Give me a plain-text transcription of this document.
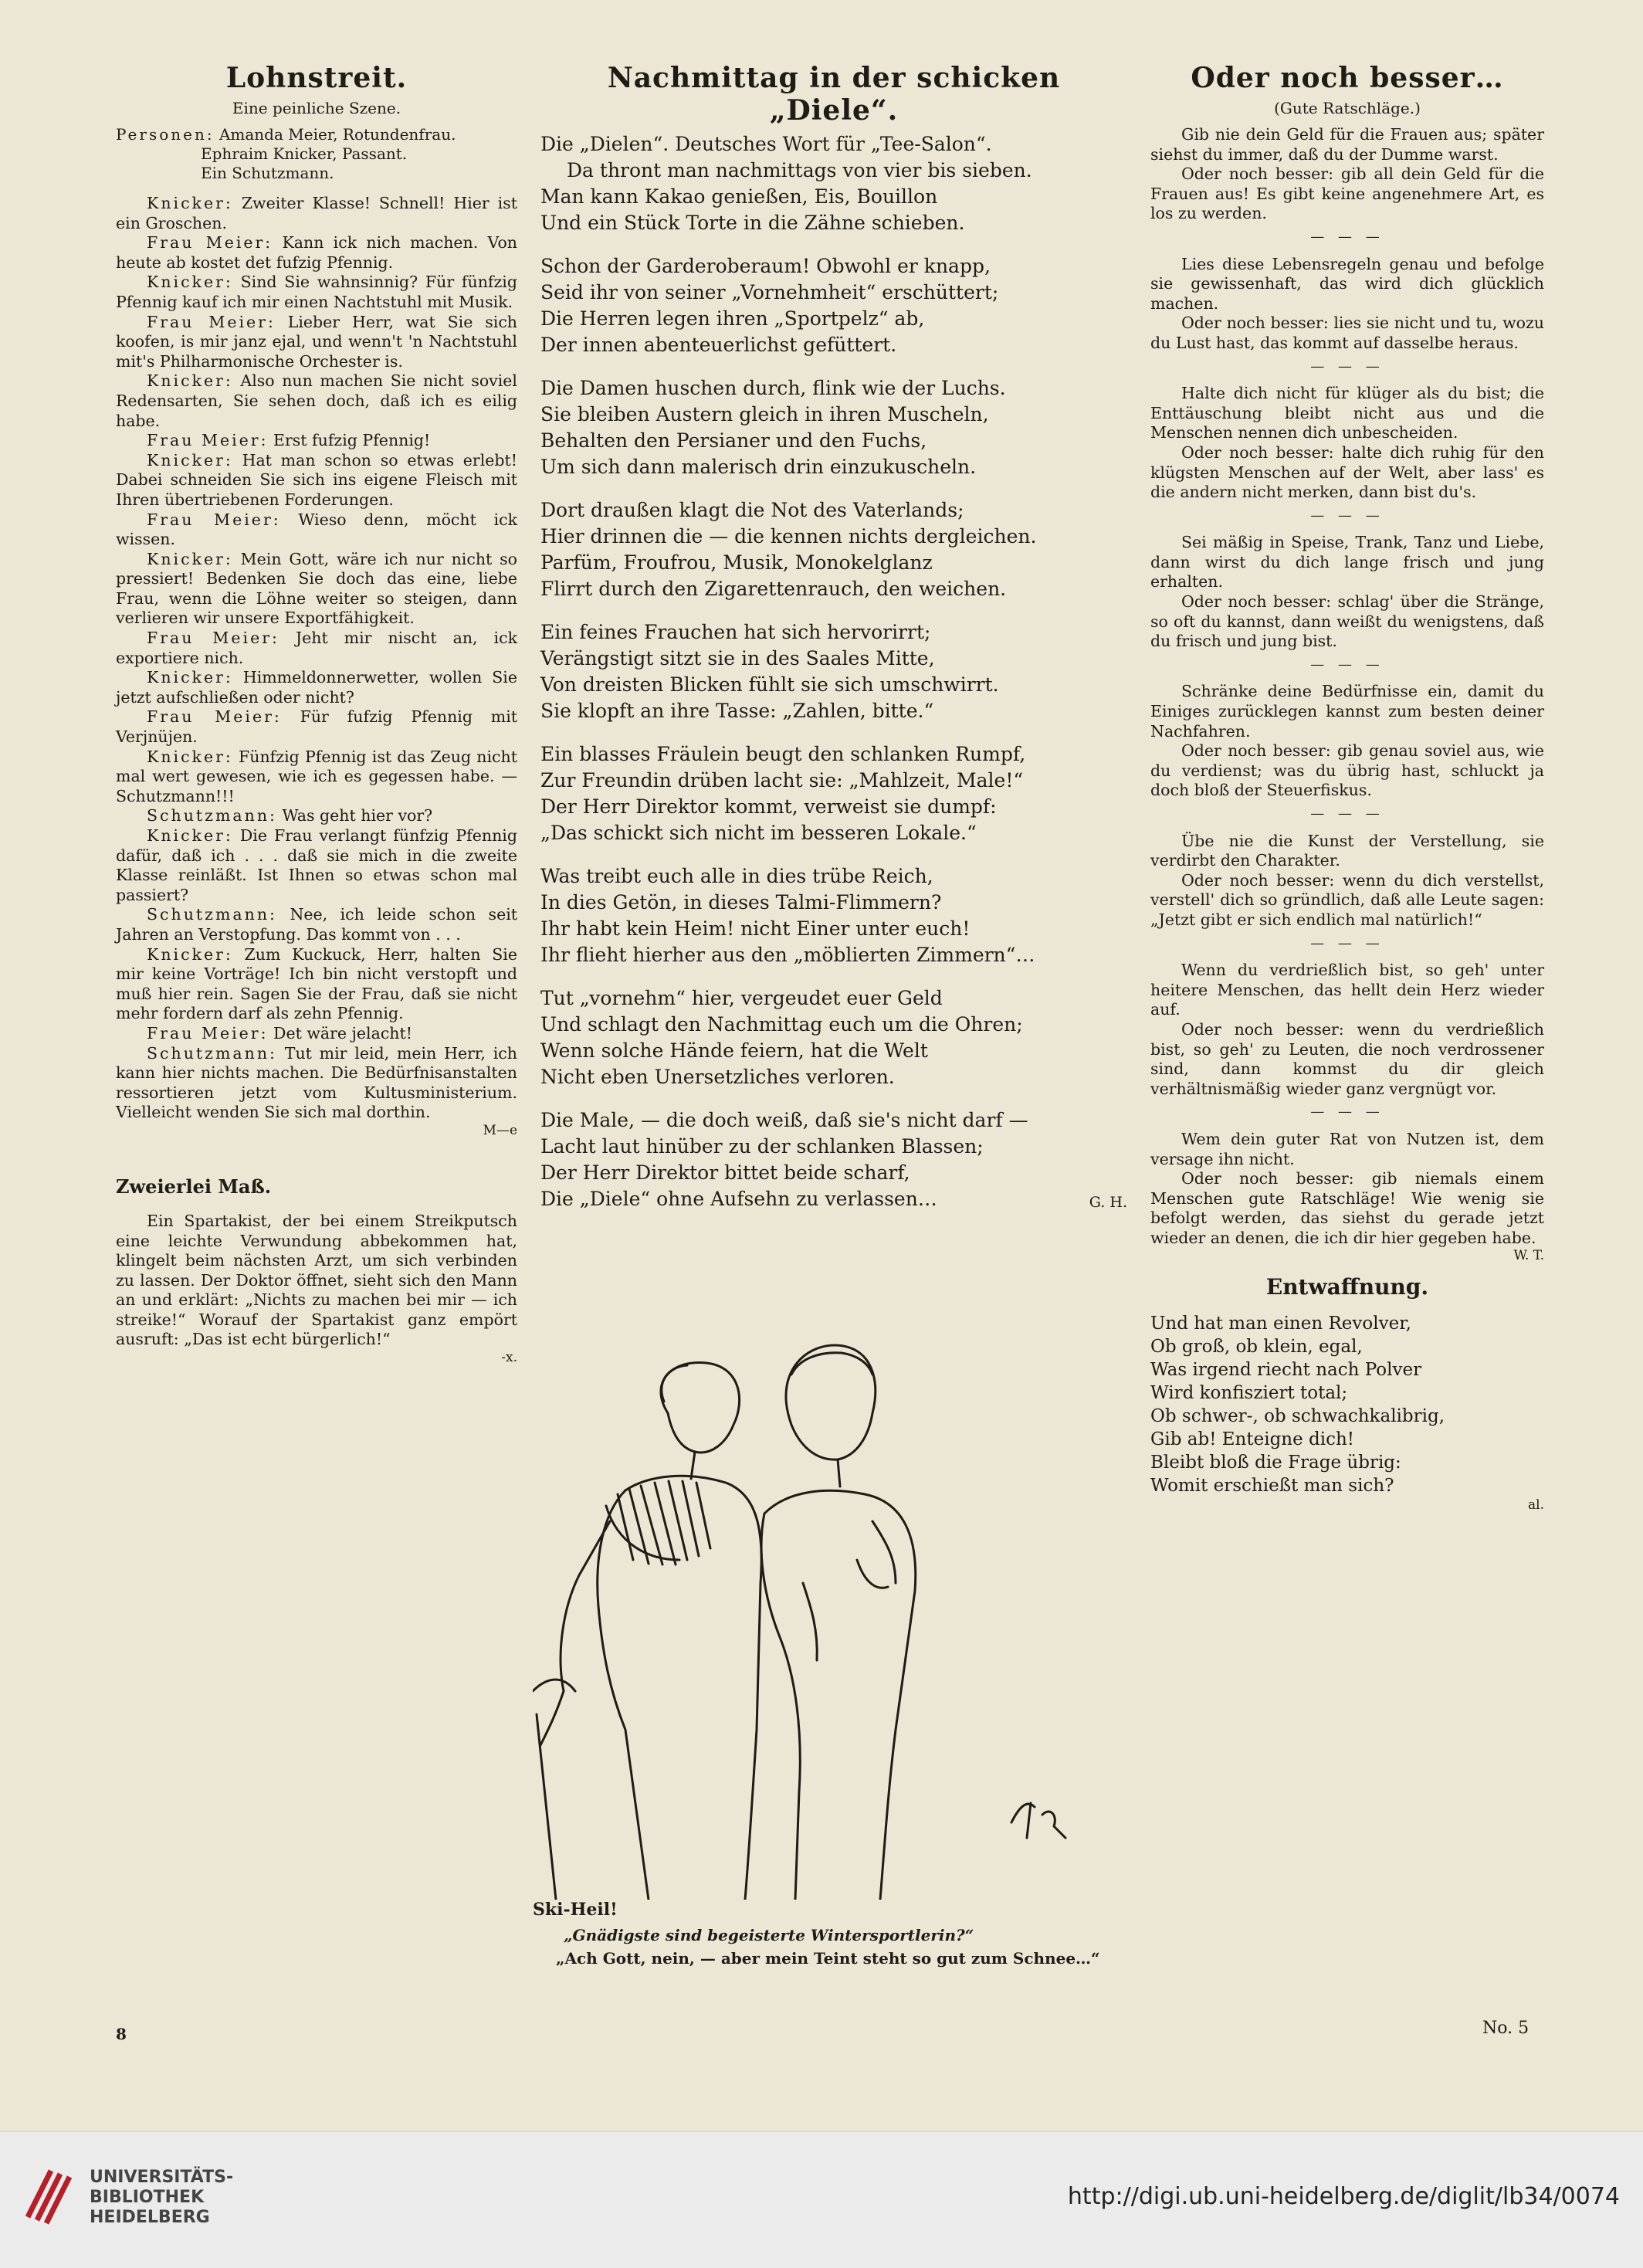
Lohnstreit.

Eine peinliche Szene.

Personen: Amanda Meier, Rotundenfrau.

Ephraim Knicker, Passant.

Ein Schutzmann.

Knicker: Zweiter Klasse! Schnell! Hier ist ein Groschen.

Frau Meier: Kann ick nich machen. Von heute ab kostet det fufzig Pfennig.

Knicker: Sind Sie wahnsinnig? Für fünfzig Pfennig kauf ich mir einen Nachtstuhl mit Musik.

Frau Meier: Lieber Herr, wat Sie sich koofen, is mir janz ejal, und wenn't 'n Nachtstuhl mit's Philharmonische Orchester is.

Knicker: Also nun machen Sie nicht soviel Redensarten, Sie sehen doch, daß ich es eilig habe.

Frau Meier: Erst fufzig Pfennig!

Knicker: Hat man schon so etwas erlebt! Dabei schneiden Sie sich ins eigene Fleisch mit Ihren übertriebenen Forderungen.

Frau Meier: Wieso denn, möcht ick wissen.

Knicker: Mein Gott, wäre ich nur nicht so pressiert! Bedenken Sie doch das eine, liebe Frau, wenn die Löhne weiter so steigen, dann verlieren wir unsere Exportfähigkeit.

Frau Meier: Jeht mir nischt an, ick exportiere nich.

Knicker: Himmeldonnerwetter, wollen Sie jetzt aufschließen oder nicht?

Frau Meier: Für fufzig Pfennig mit Verjnüjen.

Knicker: Fünfzig Pfennig ist das Zeug nicht mal wert gewesen, wie ich es gegessen habe. — Schutzmann!!!

Schutzmann: Was geht hier vor?

Knicker: Die Frau verlangt fünfzig Pfennig dafür, daß ich . . . daß sie mich in die zweite Klasse reinläßt. Ist Ihnen so etwas schon mal passiert?

Schutzmann: Nee, ich leide schon seit Jahren an Verstopfung. Das kommt von . . .

Knicker: Zum Kuckuck, Herr, halten Sie mir keine Vorträge! Ich bin nicht verstopft und muß hier rein. Sagen Sie der Frau, daß sie nicht mehr fordern darf als zehn Pfennig.

Frau Meier: Det wäre jelacht!

Schutzmann: Tut mir leid, mein Herr, ich kann hier nichts machen. Die Bedürfnisanstalten ressortieren jetzt vom Kultusministerium. Vielleicht wenden Sie sich mal dorthin.

M—e

Zweierlei Maß.

Ein Spartakist, der bei einem Streikputsch eine leichte Verwundung abbekommen hat, klingelt beim nächsten Arzt, um sich verbinden zu lassen. Der Doktor öffnet, sieht sich den Mann an und erklärt: „Nichts zu machen bei mir — ich streike!“ Worauf der Spartakist ganz empört ausruft: „Das ist echt bürgerlich!“

-x.

Nachmittag in der schicken „Diele“.

Die „Dielen“. Deutsches Wort für „Tee-Salon“.

Da thront man nachmittags von vier bis sieben.

Man kann Kakao genießen, Eis, Bouillon

Und ein Stück Torte in die Zähne schieben.

Schon der Garderoberaum! Obwohl er knapp,

Seid ihr von seiner „Vornehmheit“ erschüttert;

Die Herren legen ihren „Sportpelz“ ab,

Der innen abenteuerlichst gefüttert.

Die Damen huschen durch, flink wie der Luchs.

Sie bleiben Austern gleich in ihren Muscheln,

Behalten den Persianer und den Fuchs,

Um sich dann malerisch drin einzukuscheln.

Dort draußen klagt die Not des Vaterlands;

Hier drinnen die — die kennen nichts dergleichen.

Parfüm, Froufrou, Musik, Monokelglanz

Flirrt durch den Zigarettenrauch, den weichen.

Ein feines Frauchen hat sich hervorirrt;

Verängstigt sitzt sie in des Saales Mitte,

Von dreisten Blicken fühlt sie sich umschwirrt.

Sie klopft an ihre Tasse: „Zahlen, bitte.“

Ein blasses Fräulein beugt den schlanken Rumpf,

Zur Freundin drüben lacht sie: „Mahlzeit, Male!“

Der Herr Direktor kommt, verweist sie dumpf:

„Das schickt sich nicht im besseren Lokale.“

Was treibt euch alle in dies trübe Reich,

In dies Getön, in dieses Talmi-Flimmern?

Ihr habt kein Heim! nicht Einer unter euch!

Ihr flieht hierher aus den „möblierten Zimmern“…

Tut „vornehm“ hier, vergeudet euer Geld

Und schlagt den Nachmittag euch um die Ohren;

Wenn solche Hände feiern, hat die Welt

Nicht eben Unersetzliches verloren.

Die Male, — die doch weiß, daß sie's nicht darf —

Lacht laut hinüber zu der schlanken Blassen;

Der Herr Direktor bittet beide scharf,

Die „Diele“ ohne Aufsehn zu verlassen…	G. H.

Ski-Heil!

„Gnädigste sind begeisterte Wintersportlerin?“

„Ach Gott, nein, — aber mein Teint steht so gut zum Schnee…“

Oder noch besser…

(Gute Ratschläge.)

Gib nie dein Geld für die Frauen aus; später siehst du immer, daß du der Dumme warst.

Oder noch besser: gib all dein Geld für die Frauen aus! Es gibt keine angenehmere Art, es los zu werden.

— — —

Lies diese Lebensregeln genau und befolge sie gewissenhaft, das wird dich glücklich machen.

Oder noch besser: lies sie nicht und tu, wozu du Lust hast, das kommt auf dasselbe heraus.

— — —

Halte dich nicht für klüger als du bist; die Enttäuschung bleibt nicht aus und die Menschen nennen dich unbescheiden.

Oder noch besser: halte dich ruhig für den klügsten Menschen auf der Welt, aber lass' es die andern nicht merken, dann bist du's.

— — —

Sei mäßig in Speise, Trank, Tanz und Liebe, dann wirst du dich lange frisch und jung erhalten.

Oder noch besser: schlag' über die Stränge, so oft du kannst, dann weißt du wenigstens, daß du frisch und jung bist.

— — —

Schränke deine Bedürfnisse ein, damit du Einiges zurücklegen kannst zum besten deiner Nachfahren.

Oder noch besser: gib genau soviel aus, wie du verdienst; was du übrig hast, schluckt ja doch bloß der Steuerfiskus.

— — —

Übe nie die Kunst der Verstellung, sie verdirbt den Charakter.

Oder noch besser: wenn du dich verstellst, verstell' dich so gründlich, daß alle Leute sagen: „Jetzt gibt er sich endlich mal natürlich!“

— — —

Wenn du verdrießlich bist, so geh' unter heitere Menschen, das hellt dein Herz wieder auf.

Oder noch besser: wenn du verdrießlich bist, so geh' zu Leuten, die noch verdrossener sind, dann kommst du dir gleich verhältnismäßig wieder ganz vergnügt vor.

— — —

Wem dein guter Rat von Nutzen ist, dem versage ihn nicht.

Oder noch besser: gib niemals einem Menschen gute Ratschläge! Wie wenig sie befolgt werden, das siehst du gerade jetzt wieder an denen, die ich dir hier gegeben habe.

W. T.

Entwaffnung.

Und hat man einen Revolver,

Ob groß, ob klein, egal,

Was irgend riecht nach Polver

Wird konfisziert total;

Ob schwer-, ob schwachkalibrig,

Gib ab! Enteigne dich!

Bleibt bloß die Frage übrig:

Womit erschießt man sich?

al.

8	No. 5

UNIVERSITÄTS-
BIBLIOTHEK
HEIDELBERG

http://digi.ub.uni-heidelberg.de/diglit/lb34/0074
